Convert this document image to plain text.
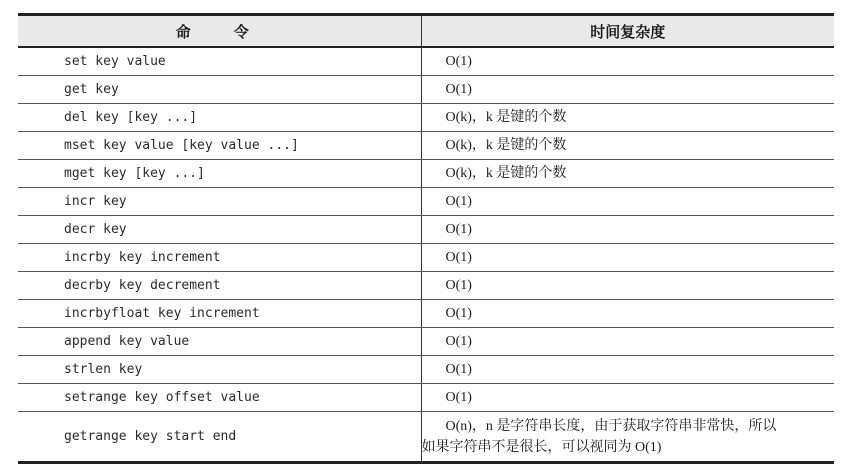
命　令	时间复杂度
set key value	O(1)
get key	O(1)
del key [key ...]	O(k)，k 是键的个数
mset key value [key value ...]	O(k)，k 是键的个数
mget key [key ...]	O(k)，k 是键的个数
incr key	O(1)
decr key	O(1)
incrby key increment	O(1)
decrby key decrement	O(1)
incrbyfloat key increment	O(1)
append key value	O(1)
strlen key	O(1)
setrange key offset value	O(1)
getrange key start end	O(n)，n 是字符串长度，由于获取字符串非常快，所以
如果字符串不是很长，可以视同为 O(1)
